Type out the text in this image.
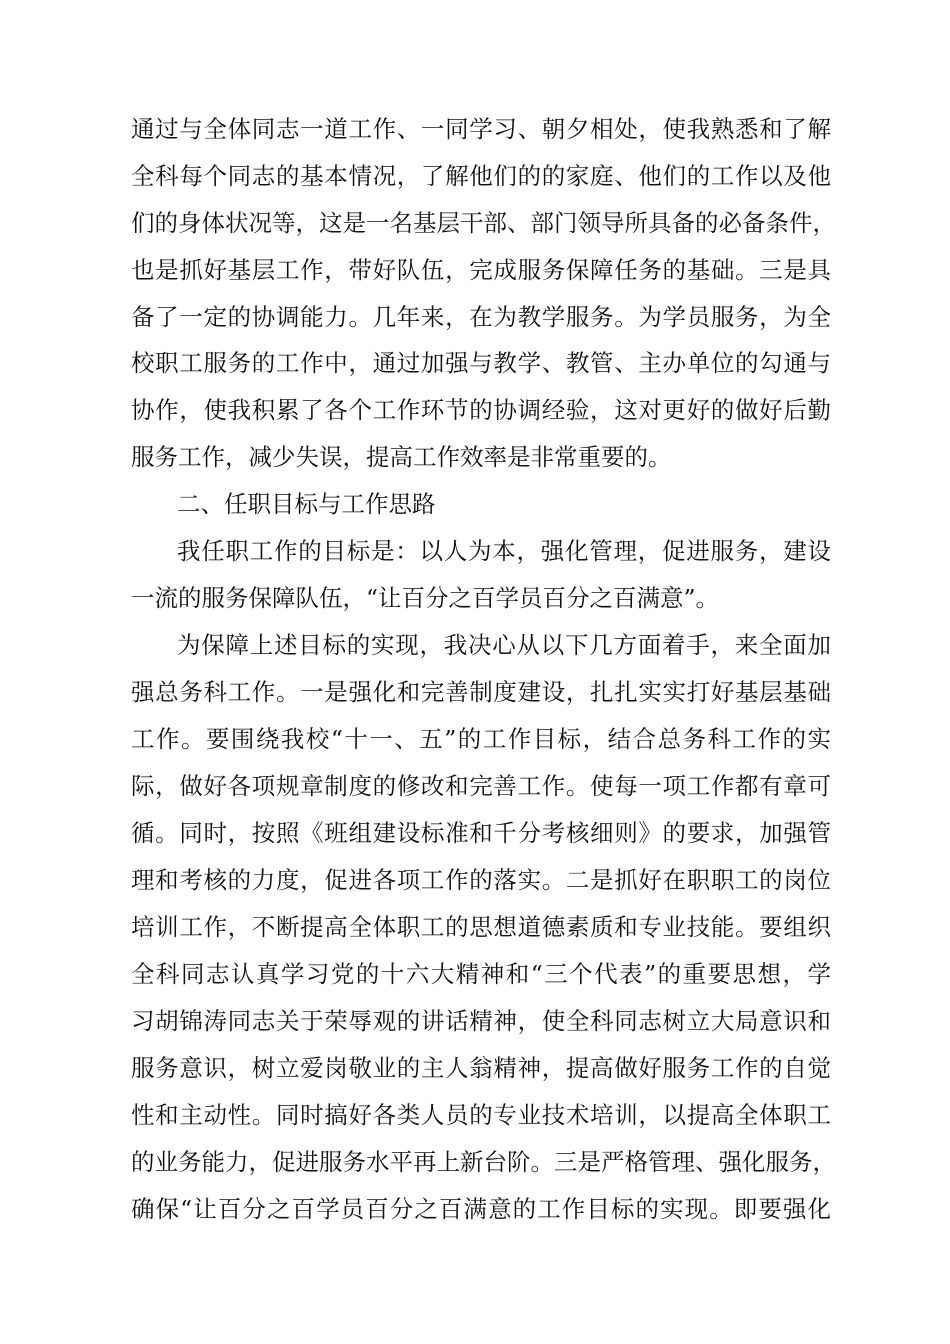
通过与全体同志一道工作、一同学习、朝夕相处，使我熟悉和了解
全科每个同志的基本情况，了解他们的的家庭、他们的工作以及他
们的身体状况等，这是一名基层干部、部门领导所具备的必备条件，
也是抓好基层工作，带好队伍，完成服务保障任务的基础。三是具
备了一定的协调能力。几年来，在为教学服务。为学员服务，为全
校职工服务的工作中，通过加强与教学、教管、主办单位的勾通与
协作，使我积累了各个工作环节的协调经验，这对更好的做好后勤
服务工作，减少失误，提高工作效率是非常重要的。
二、任职目标与工作思路
我任职工作的目标是：以人为本，强化管理，促进服务，建设
一流的服务保障队伍，“让百分之百学员百分之百满意”。
为保障上述目标的实现，我决心从以下几方面着手，来全面加
强总务科工作。一是强化和完善制度建设，扎扎实实打好基层基础
工作。要围绕我校“十一、五”的工作目标，结合总务科工作的实
际，做好各项规章制度的修改和完善工作。使每一项工作都有章可
循。同时，按照《班组建设标准和千分考核细则》的要求，加强管
理和考核的力度，促进各项工作的落实。二是抓好在职职工的岗位
培训工作，不断提高全体职工的思想道德素质和专业技能。要组织
全科同志认真学习党的十六大精神和“三个代表”的重要思想，学
习胡锦涛同志关于荣辱观的讲话精神，使全科同志树立大局意识和
服务意识，树立爱岗敬业的主人翁精神，提高做好服务工作的自觉
性和主动性。同时搞好各类人员的专业技术培训，以提高全体职工
的业务能力，促进服务水平再上新台阶。三是严格管理、强化服务，
确保“让百分之百学员百分之百满意的工作目标的实现。即要强化
